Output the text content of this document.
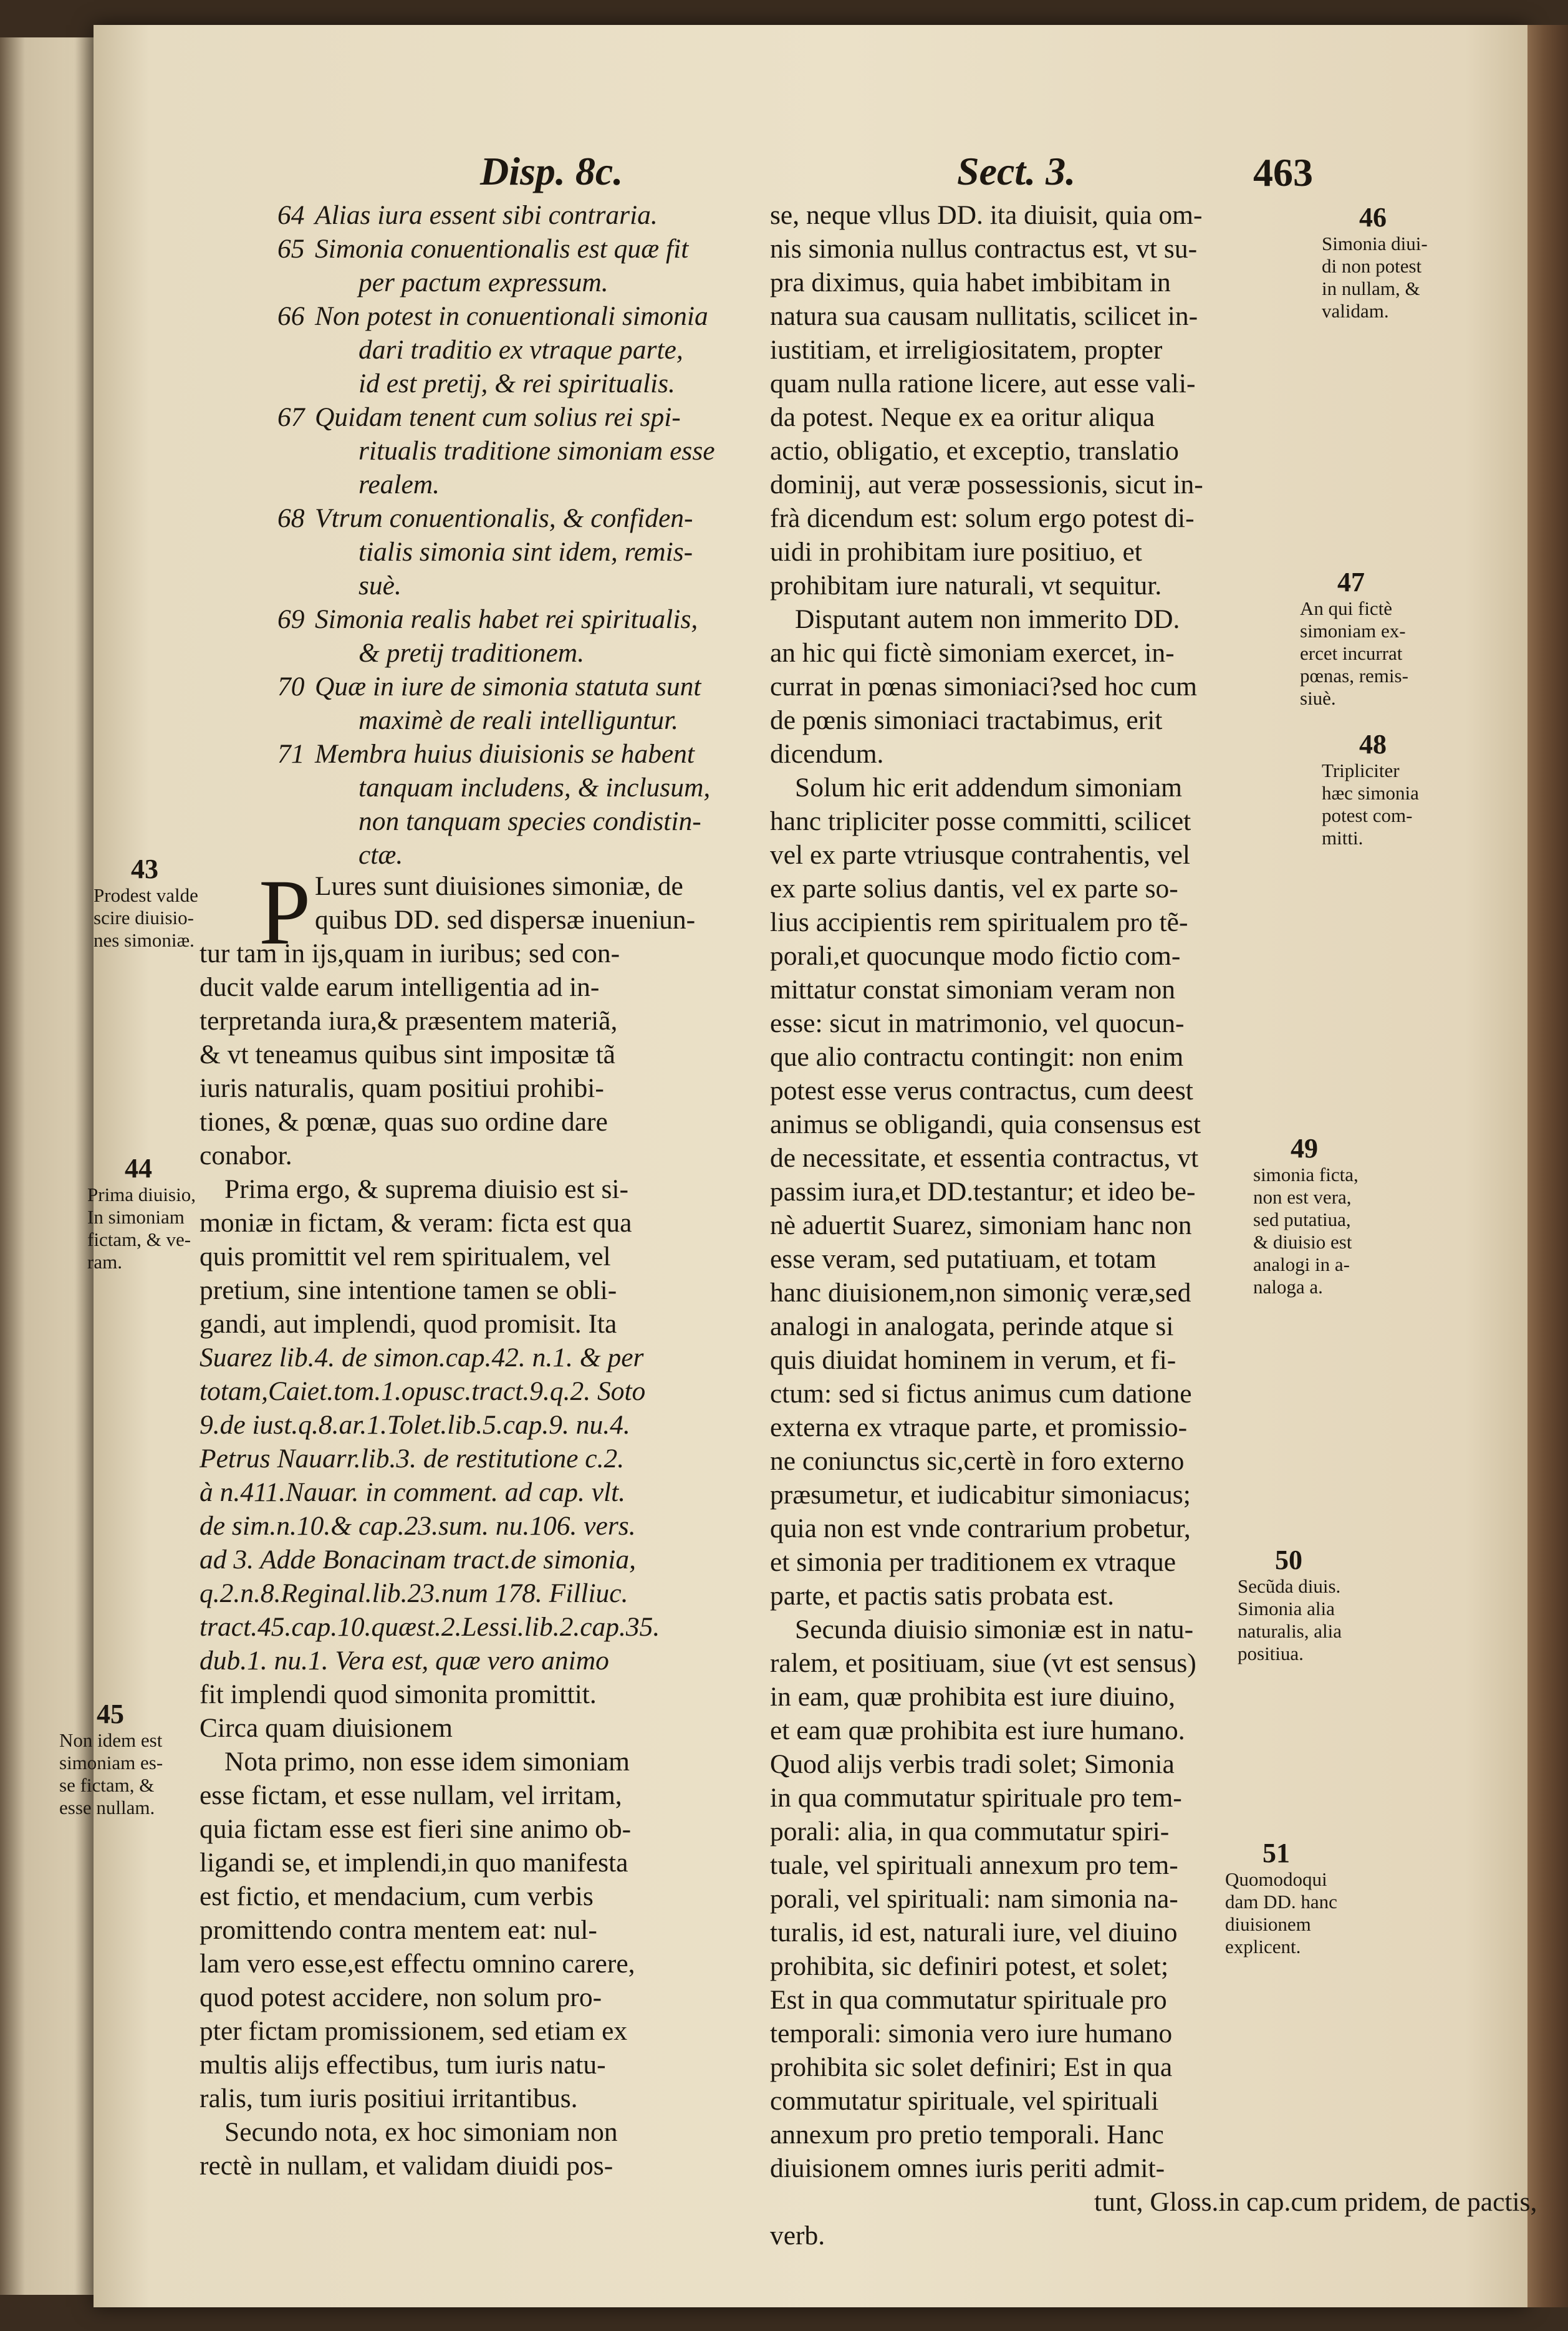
Disp. 8c.	Sect. 3.	463
64 Alias iura essent sibi contraria.
65 Simonia conuentionalis est quæ fit
per pactum expressum.
66 Non potest in conuentionali simonia
dari traditio ex vtraque parte,
id est pretij, & rei spiritualis.
67 Quidam tenent cum solius rei spi-
ritualis traditione simoniam esse
realem.
68 Vtrum conuentionalis, & confiden-
tialis simonia sint idem, remis-
suè.
69 Simonia realis habet rei spiritualis,
& pretij traditionem.
70 Quæ in iure de simonia statuta sunt
maximè de reali intelliguntur.
71 Membra huius diuisionis se habent
tanquam includens, & inclusum,
non tanquam species condistin-
ctæ.
P Lures sunt diuisiones simoniæ, de
quibus DD. sed dispersæ inueniun-
tur tam in ijs,quam in iuribus; sed con-
ducit valde earum intelligentia ad in-
terpretanda iura,& præsentem materiã,
& vt teneamus quibus sint impositæ tã
iuris naturalis, quam positiui prohibi-
tiones, & pœnæ, quas suo ordine dare
conabor.
Prima ergo, & suprema diuisio est si-
moniæ in fictam, & veram: ficta est qua
quis promittit vel rem spiritualem, vel
pretium, sine intentione tamen se obli-
gandi, aut implendi, quod promisit. Ita
Suarez lib.4. de simon.cap.42. n.1. & per
totam,Caiet.tom.1.opusc.tract.9.q.2. Soto
9.de iust.q.8.ar.1.Tolet.lib.5.cap.9. nu.4.
Petrus Nauarr.lib.3. de restitutione c.2.
à n.411.Nauar. in comment. ad cap. vlt.
de sim.n.10.& cap.23.sum. nu.106. vers.
ad 3. Adde Bonacinam tract.de simonia,
q.2.n.8.Reginal.lib.23.num 178. Filliuc.
tract.45.cap.10.quæst.2.Lessi.lib.2.cap.35.
dub.1. nu.1. Vera est, quæ vero animo
fit implendi quod simonita promittit.
Circa quam diuisionem
Nota primo, non esse idem simoniam
esse fictam, et esse nullam, vel irritam,
quia fictam esse est fieri sine animo ob-
ligandi se, et implendi,in quo manifesta
est fictio, et mendacium, cum verbis
promittendo contra mentem eat: nul-
lam vero esse,est effectu omnino carere,
quod potest accidere, non solum pro-
pter fictam promissionem, sed etiam ex
multis alijs effectibus, tum iuris natu-
ralis, tum iuris positiui irritantibus.
Secundo nota, ex hoc simoniam non
rectè in nullam, et validam diuidi pos-
se, neque vllus DD. ita diuisit, quia om-
nis simonia nullus contractus est, vt su-
pra diximus, quia habet imbibitam in
natura sua causam nullitatis, scilicet in-
iustitiam, et irreligiositatem, propter
quam nulla ratione licere, aut esse vali-
da potest. Neque ex ea oritur aliqua
actio, obligatio, et exceptio, translatio
dominij, aut veræ possessionis, sicut in-
frà dicendum est: solum ergo potest di-
uidi in prohibitam iure positiuo, et
prohibitam iure naturali, vt sequitur.
Disputant autem non immerito DD.
an hic qui fictè simoniam exercet, in-
currat in pœnas simoniaci?sed hoc cum
de pœnis simoniaci tractabimus, erit
dicendum.
Solum hic erit addendum simoniam
hanc tripliciter posse committi, scilicet
vel ex parte vtriusque contrahentis, vel
ex parte solius dantis, vel ex parte so-
lius accipientis rem spiritualem pro tẽ-
porali,et quocunque modo fictio com-
mittatur constat simoniam veram non
esse: sicut in matrimonio, vel quocun-
que alio contractu contingit: non enim
potest esse verus contractus, cum deest
animus se obligandi, quia consensus est
de necessitate, et essentia contractus, vt
passim iura,et DD.testantur; et ideo be-
nè aduertit Suarez, simoniam hanc non
esse veram, sed putatiuam, et totam
hanc diuisionem,non simoniç veræ,sed
analogi in analogata, perinde atque si
quis diuidat hominem in verum, et fi-
ctum: sed si fictus animus cum datione
externa ex vtraque parte, et promissio-
ne coniunctus sic,certè in foro externo
præsumetur, et iudicabitur simoniacus;
quia non est vnde contrarium probetur,
et simonia per traditionem ex vtraque
parte, et pactis satis probata est.
Secunda diuisio simoniæ est in natu-
ralem, et positiuam, siue (vt est sensus)
in eam, quæ prohibita est iure diuino,
et eam quæ prohibita est iure humano.
Quod alijs verbis tradi solet; Simonia
in qua commutatur spirituale pro tem-
porali: alia, in qua commutatur spiri-
tuale, vel spirituali annexum pro tem-
porali, vel spirituali: nam simonia na-
turalis, id est, naturali iure, vel diuino
prohibita, sic definiri potest, et solet;
Est in qua commutatur spirituale pro
temporali: simonia vero iure humano
prohibita sic solet definiri; Est in qua
commutatur spirituale, vel spirituali
annexum pro pretio temporali. Hanc
diuisionem omnes iuris periti admit-
tunt, Gloss.in cap.cum pridem, de pactis,
verb.
43
Prodest valde
scire diuisio-
nes simoniæ.
44
Prima diuisio,
In simoniam
fictam, & ve-
ram.
45
Non idem est
simoniam es-
se fictam, &
esse nullam.
46
Simonia diui-
di non potest
in nullam, &
validam.
47
An qui fictè
simoniam ex-
ercet incurrat
pœnas, remis-
siuè.
48
Tripliciter
hæc simonia
potest com-
mitti.
49
simonia ficta,
non est vera,
sed putatiua,
& diuisio est
analogi in a-
naloga a.
50
Secũda diuis.
Simonia alia
naturalis, alia
positiua.
51
Quomodoqui
dam DD. hanc
diuisionem
explicent.
